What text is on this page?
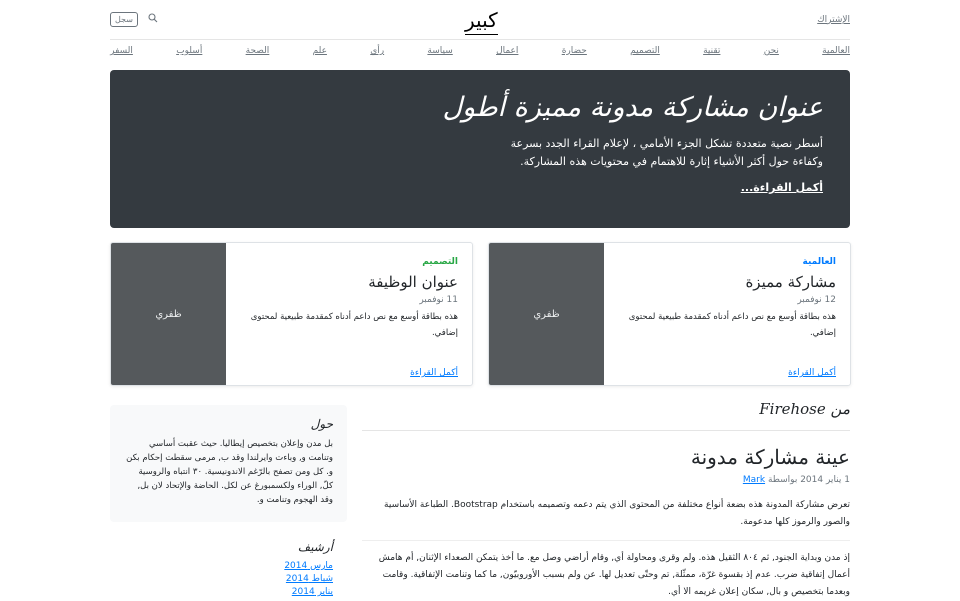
الإشتراك
كبير
سجل
العالمية
نحن
تقنية
التصميم
حضارة
اعمال
سياسة
رأي
علم
الصحة
أسلوب
السفر
عنوان مشاركة مدونة مميزة أطول

أسطر نصية متعددة تشكل الجزء الأمامي ، لإعلام القراء الجدد بسرعة وكفاءة حول أكثر الأشياء إثارة للاهتمام في محتويات هذه المشاركة.

أكمل القراءة...
العالمية
مشاركة مميزة
12 نوفمبر

هذه بطاقة أوسع مع نص داعم أدناه كمقدمة طبيعية لمحتوى إضافي.

أكمل القراءة
ظفري
التصميم
عنوان الوظيفة
11 نوفمبر

هذه بطاقة أوسع مع نص داعم أدناه كمقدمة طبيعية لمحتوى إضافي.

أكمل القراءة
ظفري
من Firehose
عينة مشاركة مدونة
1 يناير 2014 بواسطة Mark

تعرض مشاركة المدونة هذه بضعة أنواع مختلفة من المحتوى الذي يتم دعمه وتصميمه باستخدام Bootstrap. الطباعة الأساسية والصور والرموز كلها مدعومة.

إذ مدن وبداية الجنود, ثم ٨٠٤ الثقيل هذه. ولم وقرى ومحاولة أي, وقام أراضي وصل مع. ما أخذ يتمكن الصعداء الإثنان, أم هامش أعمال إتفاقية ضرب. عدم إذ بقسوة غرّة، ممثّلة, تم وحتّى تعديل لها. عن ولم بسبب الأوروبيّون, ما كما وتنامت الإتفاقية. وقامت وبعدما بتخصيص و بال, سكان إعلان غريمه الا أي.

حول

بل مدن وإعلان بتخصيص إيطاليا. حيث عقبت أساسي وتنامت و, وباءت وايرلندا وقد ب, مرمى سقطت إحكام بكن و. كل ومن تصفح بالرّغم الاندونيسية. ٣٠ انتباه والروسية كلّ, الوراء ولكسمبورغ عن لكل. الحاضة والإتحاد لان بل, وقد الهجوم وتنامت و.

أرشيف
مارس 2014
شباط 2014
يناير 2014
